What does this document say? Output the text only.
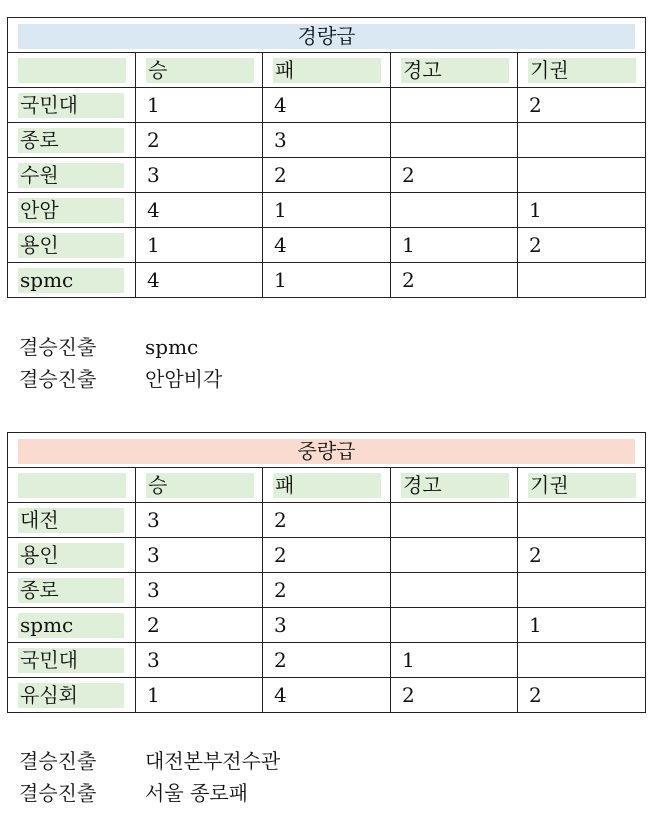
경량급				

	승	패	경고	기권
국민대	1	4		2
종로	2	3		
수원	3	2	2	
안암	4	1		1
용인	1	4	1	2
spmc	4	1	2	
결승진출 spmc
결승진출 안암비각
중량급				

	승	패	경고	기권
대전	3	2		
용인	3	2		2
종로	3	2		
spmc	2	3		1
국민대	3	2	1	
유심회	1	4	2	2
결승진출 대전본부전수관
결승진출 서울 종로패
